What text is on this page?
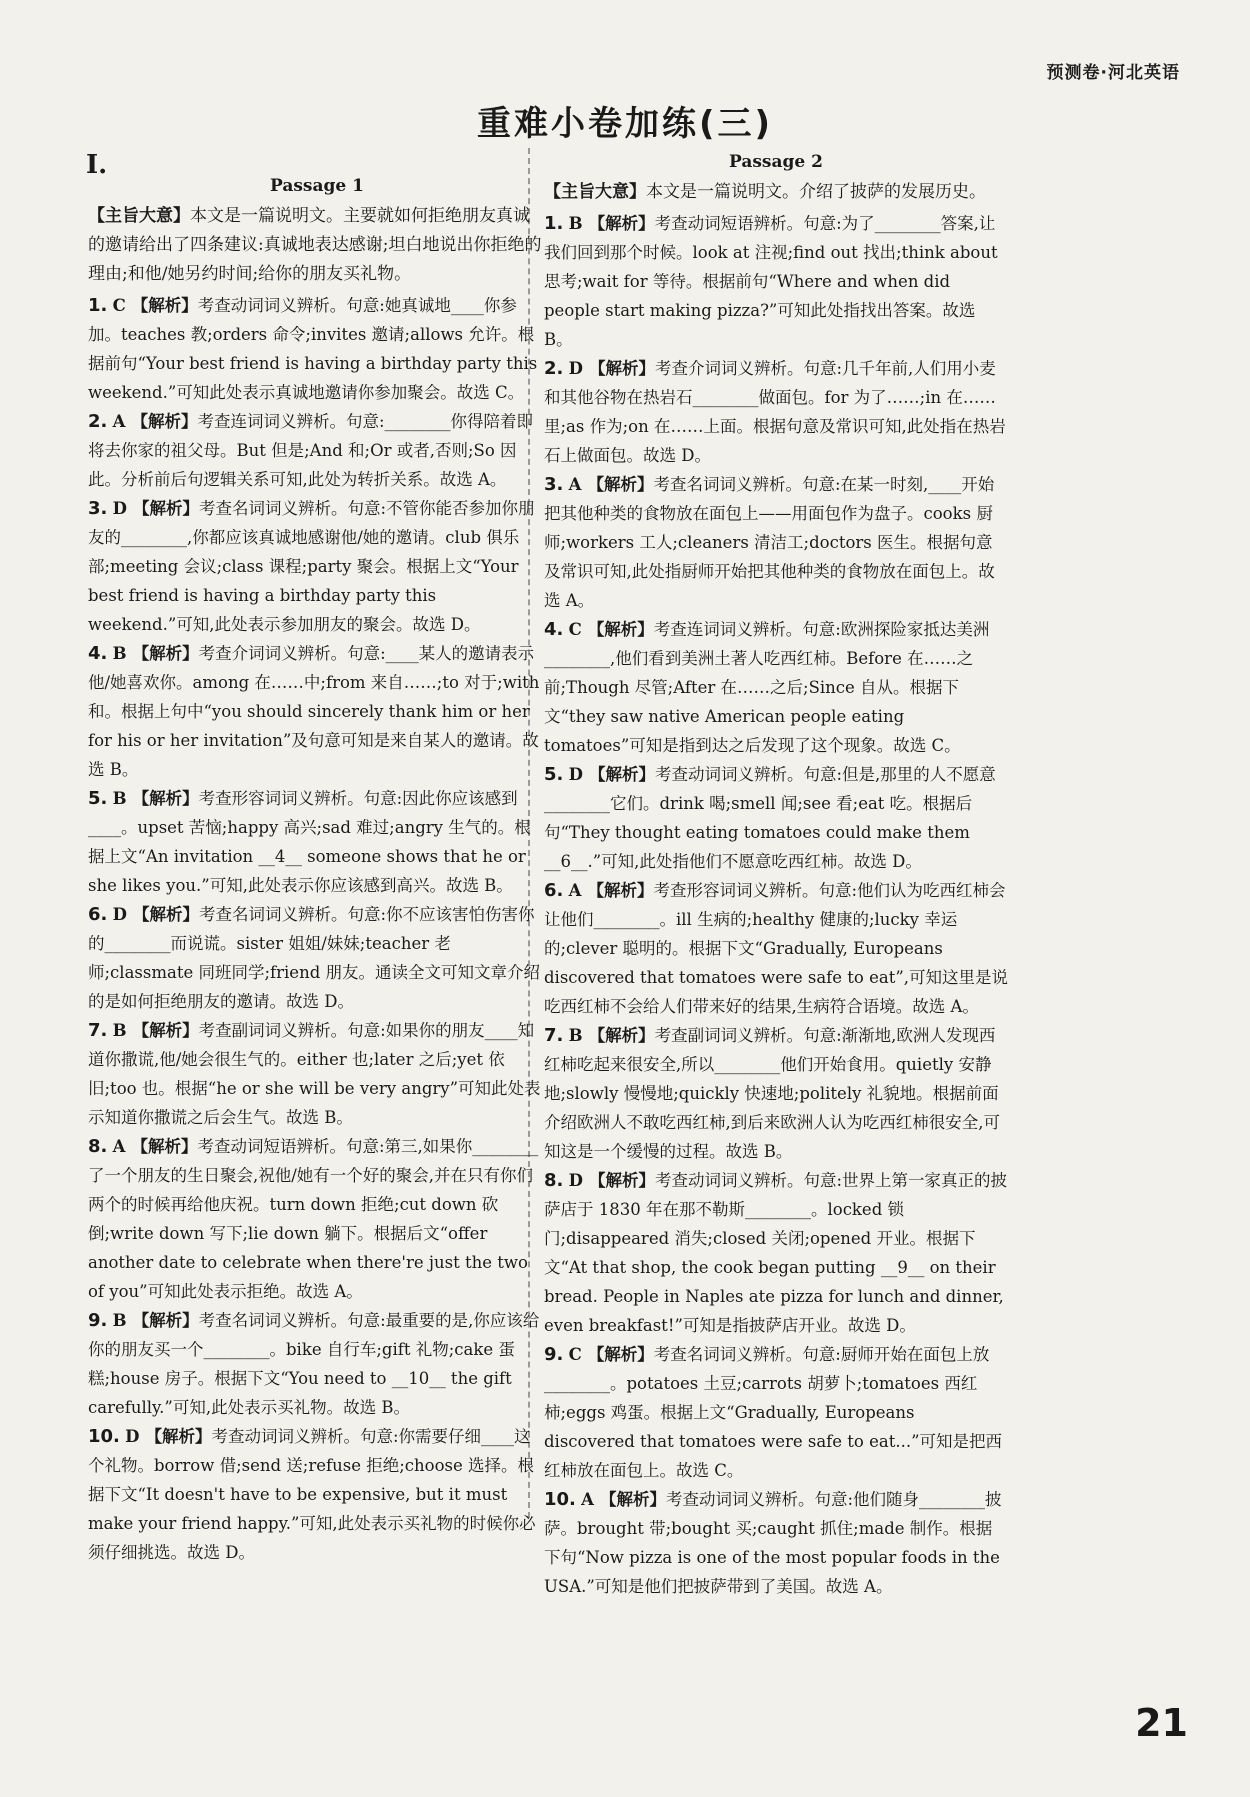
预测卷·河北英语
重难小卷加练(三)
Ⅰ.
Passage 1
【主旨大意】本文是一篇说明文。主要就如何拒绝朋友真诚的邀请给出了四条建议:真诚地表达感谢;坦白地说出你拒绝的理由;和他/她另约时间;给你的朋友买礼物。

1. C 【解析】考查动词词义辨析。句意:她真诚地____你参加。teaches 教;orders 命令;invites 邀请;allows 允许。根据前句“Your best friend is having a birthday party this weekend.”可知此处表示真诚地邀请你参加聚会。故选 C。

2. A 【解析】考查连词词义辨析。句意:________你得陪着即将去你家的祖父母。But 但是;And 和;Or 或者,否则;So 因此。分析前后句逻辑关系可知,此处为转折关系。故选 A。

3. D 【解析】考查名词词义辨析。句意:不管你能否参加你朋友的________,你都应该真诚地感谢他/她的邀请。club 俱乐部;meeting 会议;class 课程;party 聚会。根据上文“Your best friend is having a birthday party this weekend.”可知,此处表示参加朋友的聚会。故选 D。

4. B 【解析】考查介词词义辨析。句意:____某人的邀请表示他/她喜欢你。among 在……中;from 来自……;to 对于;with 和。根据上句中“you should sincerely thank him or her for his or her invitation”及句意可知是来自某人的邀请。故选 B。

5. B 【解析】考查形容词词义辨析。句意:因此你应该感到____。upset 苦恼;happy 高兴;sad 难过;angry 生气的。根据上文“An invitation __4__ someone shows that he or she likes you.”可知,此处表示你应该感到高兴。故选 B。

6. D 【解析】考查名词词义辨析。句意:你不应该害怕伤害你的________而说谎。sister 姐姐/妹妹;teacher 老师;classmate 同班同学;friend 朋友。通读全文可知文章介绍的是如何拒绝朋友的邀请。故选 D。

7. B 【解析】考查副词词义辨析。句意:如果你的朋友____知道你撒谎,他/她会很生气的。either 也;later 之后;yet 依旧;too 也。根据“he or she will be very angry”可知此处表示知道你撒谎之后会生气。故选 B。

8. A 【解析】考查动词短语辨析。句意:第三,如果你________了一个朋友的生日聚会,祝他/她有一个好的聚会,并在只有你们两个的时候再给他庆祝。turn down 拒绝;cut down 砍倒;write down 写下;lie down 躺下。根据后文“offer another date to celebrate when there're just the two of you”可知此处表示拒绝。故选 A。

9. B 【解析】考查名词词义辨析。句意:最重要的是,你应该给你的朋友买一个________。bike 自行车;gift 礼物;cake 蛋糕;house 房子。根据下文“You need to __10__ the gift carefully.”可知,此处表示买礼物。故选 B。

10. D 【解析】考查动词词义辨析。句意:你需要仔细____这个礼物。borrow 借;send 送;refuse 拒绝;choose 选择。根据下文“It doesn't have to be expensive, but it must make your friend happy.”可知,此处表示买礼物的时候你必须仔细挑选。故选 D。

Passage 2
【主旨大意】本文是一篇说明文。介绍了披萨的发展历史。

1. B 【解析】考查动词短语辨析。句意:为了________答案,让我们回到那个时候。look at 注视;find out 找出;think about 思考;wait for 等待。根据前句“Where and when did people start making pizza?”可知此处指找出答案。故选 B。

2. D 【解析】考查介词词义辨析。句意:几千年前,人们用小麦和其他谷物在热岩石________做面包。for 为了……;in 在……里;as 作为;on 在……上面。根据句意及常识可知,此处指在热岩石上做面包。故选 D。

3. A 【解析】考查名词词义辨析。句意:在某一时刻,____开始把其他种类的食物放在面包上——用面包作为盘子。cooks 厨师;workers 工人;cleaners 清洁工;doctors 医生。根据句意及常识可知,此处指厨师开始把其他种类的食物放在面包上。故选 A。

4. C 【解析】考查连词词义辨析。句意:欧洲探险家抵达美洲________,他们看到美洲土著人吃西红柿。Before 在……之前;Though 尽管;After 在……之后;Since 自从。根据下文“they saw native American people eating tomatoes”可知是指到达之后发现了这个现象。故选 C。

5. D 【解析】考查动词词义辨析。句意:但是,那里的人不愿意________它们。drink 喝;smell 闻;see 看;eat 吃。根据后句“They thought eating tomatoes could make them __6__.”可知,此处指他们不愿意吃西红柿。故选 D。

6. A 【解析】考查形容词词义辨析。句意:他们认为吃西红柿会让他们________。ill 生病的;healthy 健康的;lucky 幸运的;clever 聪明的。根据下文“Gradually, Europeans discovered that tomatoes were safe to eat”,可知这里是说吃西红柿不会给人们带来好的结果,生病符合语境。故选 A。

7. B 【解析】考查副词词义辨析。句意:渐渐地,欧洲人发现西红柿吃起来很安全,所以________他们开始食用。quietly 安静地;slowly 慢慢地;quickly 快速地;politely 礼貌地。根据前面介绍欧洲人不敢吃西红柿,到后来欧洲人认为吃西红柿很安全,可知这是一个缓慢的过程。故选 B。

8. D 【解析】考查动词词义辨析。句意:世界上第一家真正的披萨店于 1830 年在那不勒斯________。locked 锁门;disappeared 消失;closed 关闭;opened 开业。根据下文“At that shop, the cook began putting __9__ on their bread. People in Naples ate pizza for lunch and dinner, even breakfast!”可知是指披萨店开业。故选 D。

9. C 【解析】考查名词词义辨析。句意:厨师开始在面包上放________。potatoes 土豆;carrots 胡萝卜;tomatoes 西红柿;eggs 鸡蛋。根据上文“Gradually, Europeans discovered that tomatoes were safe to eat...”可知是把西红柿放在面包上。故选 C。

10. A 【解析】考查动词词义辨析。句意:他们随身________披萨。brought 带;bought 买;caught 抓住;made 制作。根据下句“Now pizza is one of the most popular foods in the USA.”可知是他们把披萨带到了美国。故选 A。

21
